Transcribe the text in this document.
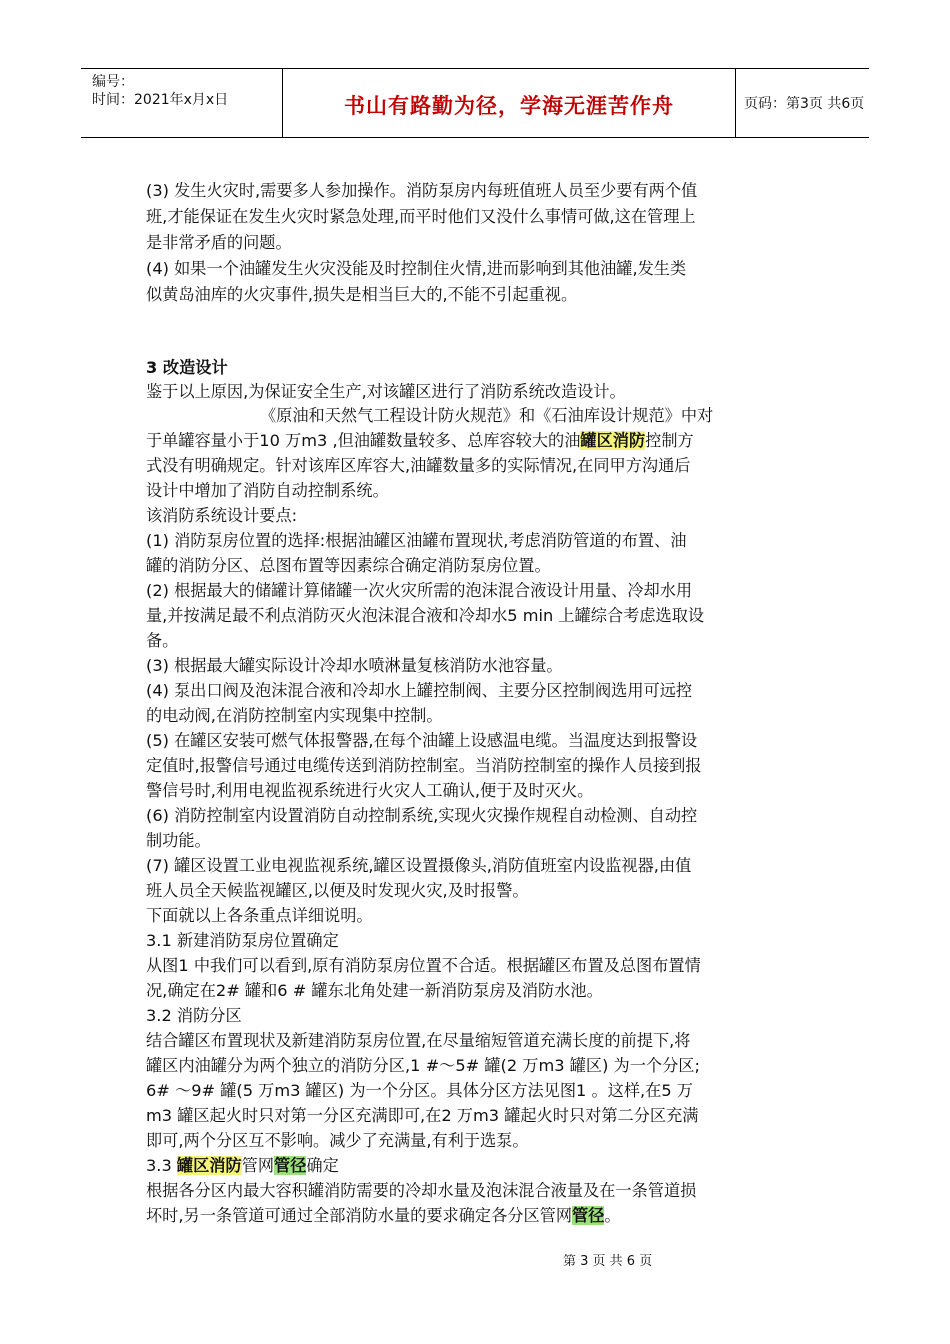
编号：
时间：2021年x月x日	书山有路勤为径，学海无涯苦作舟	页码：第3页 共6页
(3) 发生火灾时,需要多人参加操作。消防泵房内每班值班人员至少要有两个值
班,才能保证在发生火灾时紧急处理,而平时他们又没什么事情可做,这在管理上
是非常矛盾的问题。
(4) 如果一个油罐发生火灾没能及时控制住火情,进而影响到其他油罐,发生类
似黄岛油库的火灾事件,损失是相当巨大的,不能不引起重视。
3 改造设计
鉴于以上原因,为保证安全生产,对该罐区进行了消防系统改造设计。
《原油和天然气工程设计防火规范》和《石油库设计规范》中对
于单罐容量小于10 万m3 ,但油罐数量较多、总库容较大的油罐区消防控制方
式没有明确规定。针对该库区库容大,油罐数量多的实际情况,在同甲方沟通后
设计中增加了消防自动控制系统。
该消防系统设计要点:
(1) 消防泵房位置的选择:根据油罐区油罐布置现状,考虑消防管道的布置、油
罐的消防分区、总图布置等因素综合确定消防泵房位置。
(2) 根据最大的储罐计算储罐一次火灾所需的泡沫混合液设计用量、冷却水用
量,并按满足最不利点消防灭火泡沫混合液和冷却水5 min 上罐综合考虑选取设
备。
(3) 根据最大罐实际设计冷却水喷淋量复核消防水池容量。
(4) 泵出口阀及泡沫混合液和冷却水上罐控制阀、主要分区控制阀选用可远控
的电动阀,在消防控制室内实现集中控制。
(5) 在罐区安装可燃气体报警器,在每个油罐上设感温电缆。当温度达到报警设
定值时,报警信号通过电缆传送到消防控制室。当消防控制室的操作人员接到报
警信号时,利用电视监视系统进行火灾人工确认,便于及时灭火。
(6) 消防控制室内设置消防自动控制系统,实现火灾操作规程自动检测、自动控
制功能。
(7) 罐区设置工业电视监视系统,罐区设置摄像头,消防值班室内设监视器,由值
班人员全天候监视罐区,以便及时发现火灾,及时报警。
下面就以上各条重点详细说明。
3.1 新建消防泵房位置确定
从图1 中我们可以看到,原有消防泵房位置不合适。根据罐区布置及总图布置情
况,确定在2# 罐和6 # 罐东北角处建一新消防泵房及消防水池。
3.2 消防分区
结合罐区布置现状及新建消防泵房位置,在尽量缩短管道充满长度的前提下,将
罐区内油罐分为两个独立的消防分区,1 #～5# 罐(2 万m3 罐区) 为一个分区;
6# ～9# 罐(5 万m3 罐区) 为一个分区。具体分区方法见图1 。这样,在5 万
m3 罐区起火时只对第一分区充满即可,在2 万m3 罐起火时只对第二分区充满
即可,两个分区互不影响。减少了充满量,有利于选泵。
3.3 罐区消防管网管径确定
根据各分区内最大容积罐消防需要的冷却水量及泡沫混合液量及在一条管道损
坏时,另一条管道可通过全部消防水量的要求确定各分区管网管径。
第 3 页 共 6 页
